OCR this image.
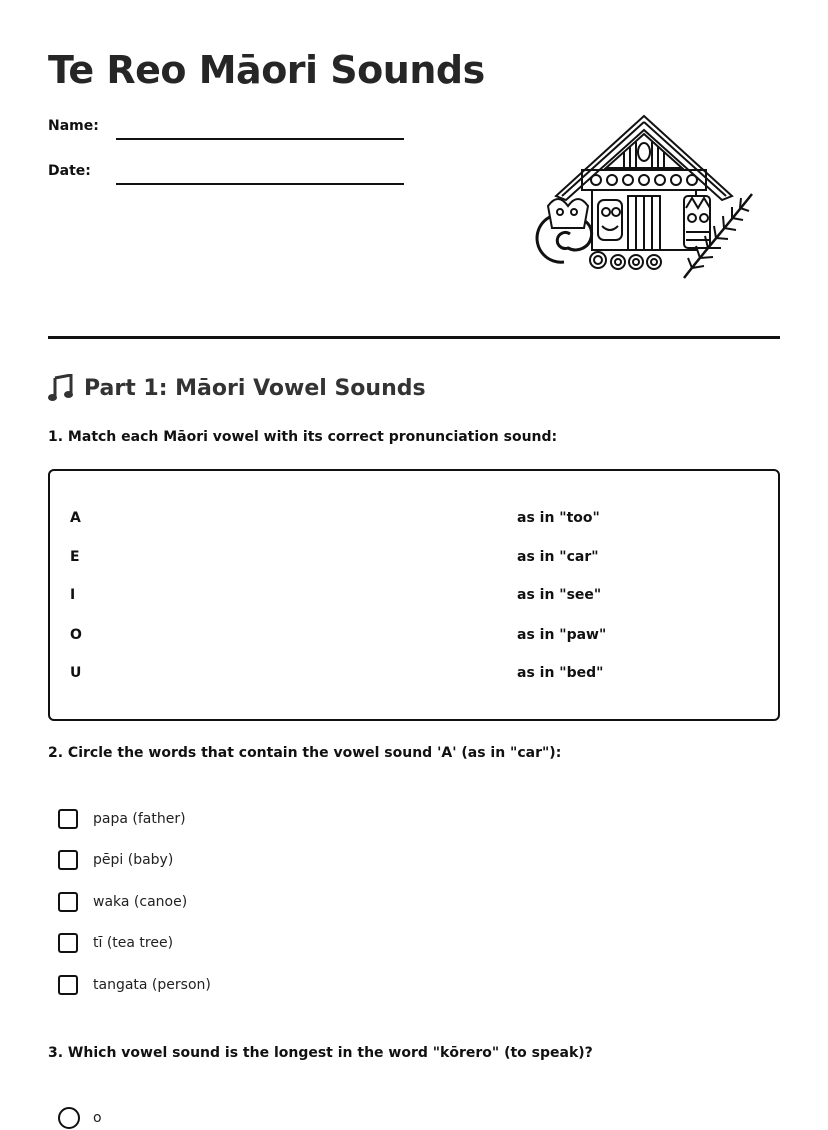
Te Reo Māori Sounds
Name:
Date:
Part 1: Māori Vowel Sounds
1. Match each Māori vowel with its correct pronunciation sound:
A	as in "too"
E	as in "car"
I	as in "see"
O	as in "paw"
U	as in "bed"
2. Circle the words that contain the vowel sound 'A' (as in "car"):
papa (father)
pēpi (baby)
waka (canoe)
tī (tea tree)
tangata (person)
3. Which vowel sound is the longest in the word "kōrero" (to speak)?
o
